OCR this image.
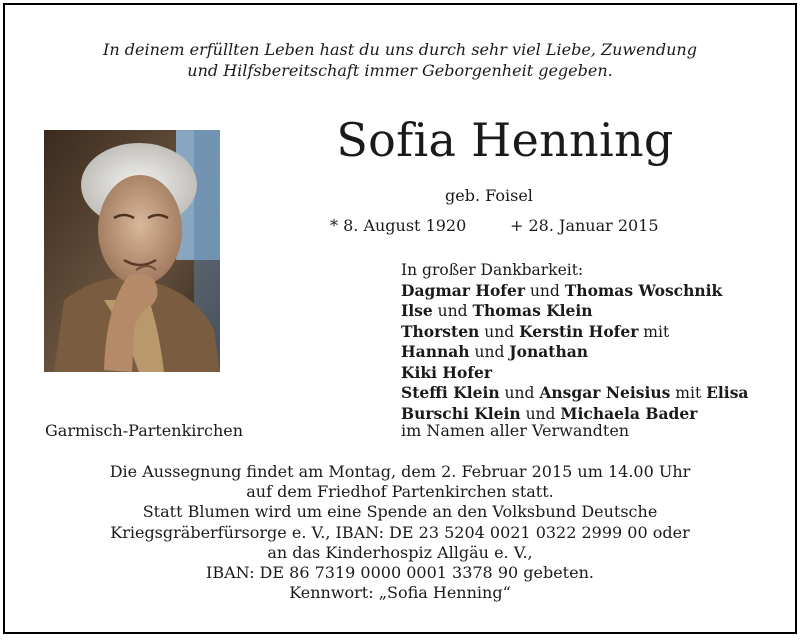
In deinem erfüllten Leben hast du uns durch sehr viel Liebe, Zuwendung
und Hilfsbereitschaft immer Geborgenheit gegeben.
Sofia Henning
geb. Foisel
* 8. August 1920	+ 28. Januar 2015
In großer Dankbarkeit:
Dagmar Hofer und Thomas Woschnik
Ilse und Thomas Klein
Thorsten und Kerstin Hofer mit
Hannah und Jonathan
Kiki Hofer
Steffi Klein und Ansgar Neisius mit Elisa
Burschi Klein und Michaela Bader
Garmisch-Partenkirchen	im Namen aller Verwandten
Die Aussegnung findet am Montag, dem 2. Februar 2015 um 14.00 Uhr
auf dem Friedhof Partenkirchen statt.
Statt Blumen wird um eine Spende an den Volksbund Deutsche
Kriegsgräberfürsorge e. V., IBAN: DE 23 5204 0021 0322 2999 00 oder
an das Kinderhospiz Allgäu e. V.,
IBAN: DE 86 7319 0000 0001 3378 90 gebeten.
Kennwort: „Sofia Henning“
